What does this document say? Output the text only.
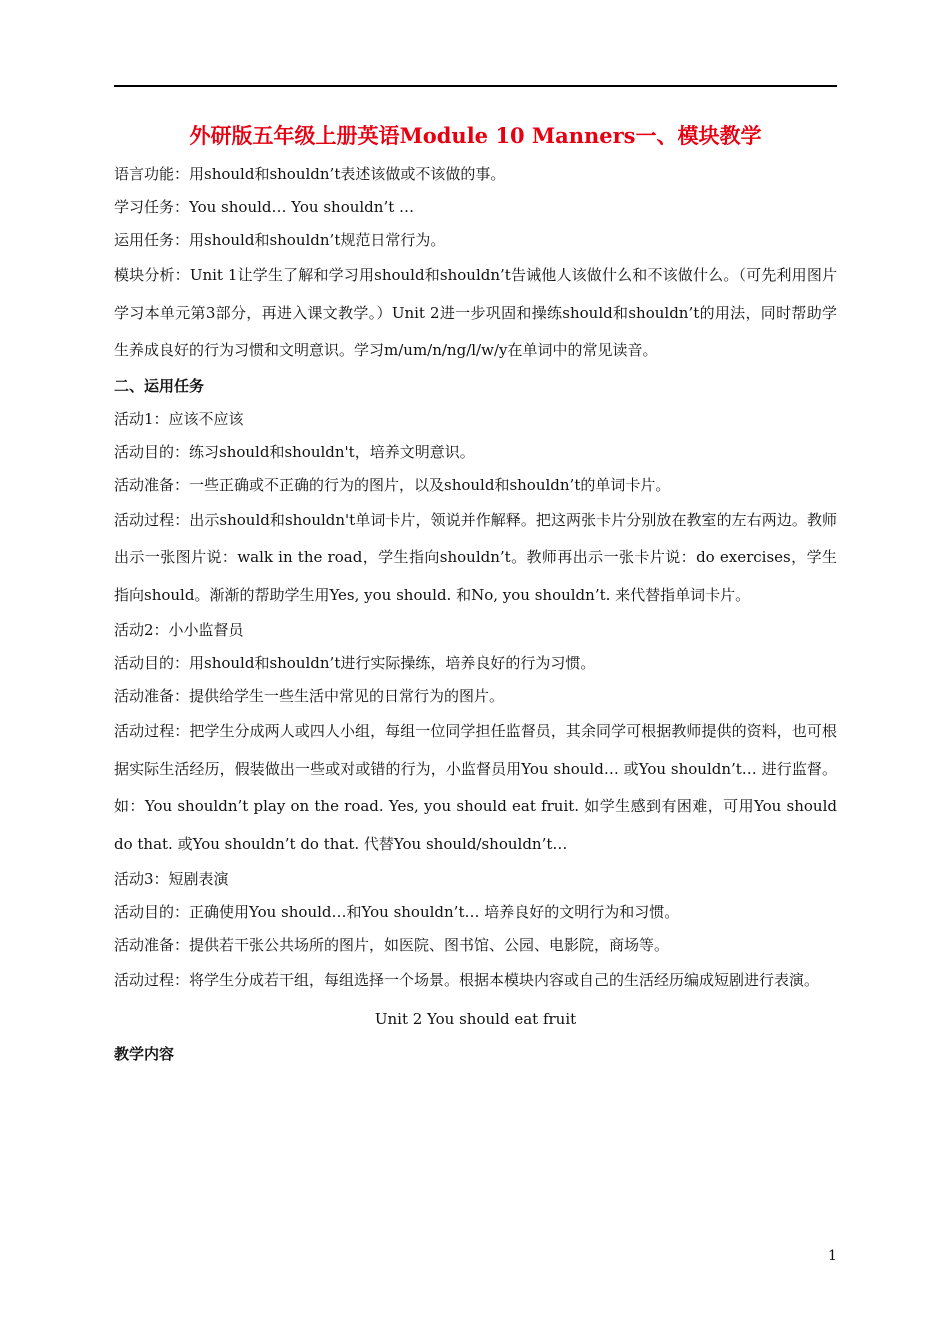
外研版五年级上册英语Module 10 Manners一、模块教学

语言功能：用should和shouldn’t表述该做或不该做的事。

学习任务：You should… You shouldn’t …

运用任务：用should和shouldn’t规范日常行为。

模块分析：Unit 1让学生了解和学习用should和shouldn’t告诫他人该做什么和不该做什么。（可先利用图片学习本单元第3部分，再进入课文教学。）Unit 2进一步巩固和操练should和shouldn’t的用法，同时帮助学生养成良好的行为习惯和文明意识。学习m/um/n/ng/l/w/y在单词中的常见读音。

二、运用任务

活动1：应该不应该

活动目的：练习should和shouldn't，培养文明意识。

活动准备：一些正确或不正确的行为的图片，以及should和shouldn’t的单词卡片。

活动过程：出示should和shouldn't单词卡片，领说并作解释。把这两张卡片分别放在教室的左右两边。教师出示一张图片说：walk in the road，学生指向shouldn’t。教师再出示一张卡片说：do exercises，学生指向should。渐渐的帮助学生用Yes, you should. 和No, you shouldn’t. 来代替指单词卡片。

活动2：小小监督员

活动目的：用should和shouldn’t进行实际操练，培养良好的行为习惯。

活动准备：提供给学生一些生活中常见的日常行为的图片。

活动过程：把学生分成两人或四人小组，每组一位同学担任监督员，其余同学可根据教师提供的资料，也可根据实际生活经历，假装做出一些或对或错的行为，小监督员用You should… 或You shouldn’t… 进行监督。如：You shouldn’t play on the road. Yes, you should eat fruit. 如学生感到有困难，可用You should do that. 或You shouldn’t do that. 代替You should/shouldn’t…

活动3：短剧表演

活动目的：正确使用You should…和You shouldn’t… 培养良好的文明行为和习惯。

活动准备：提供若干张公共场所的图片，如医院、图书馆、公园、电影院，商场等。

活动过程：将学生分成若干组，每组选择一个场景。根据本模块内容或自己的生活经历编成短剧进行表演。

Unit 2 You should eat fruit

教学内容

1
